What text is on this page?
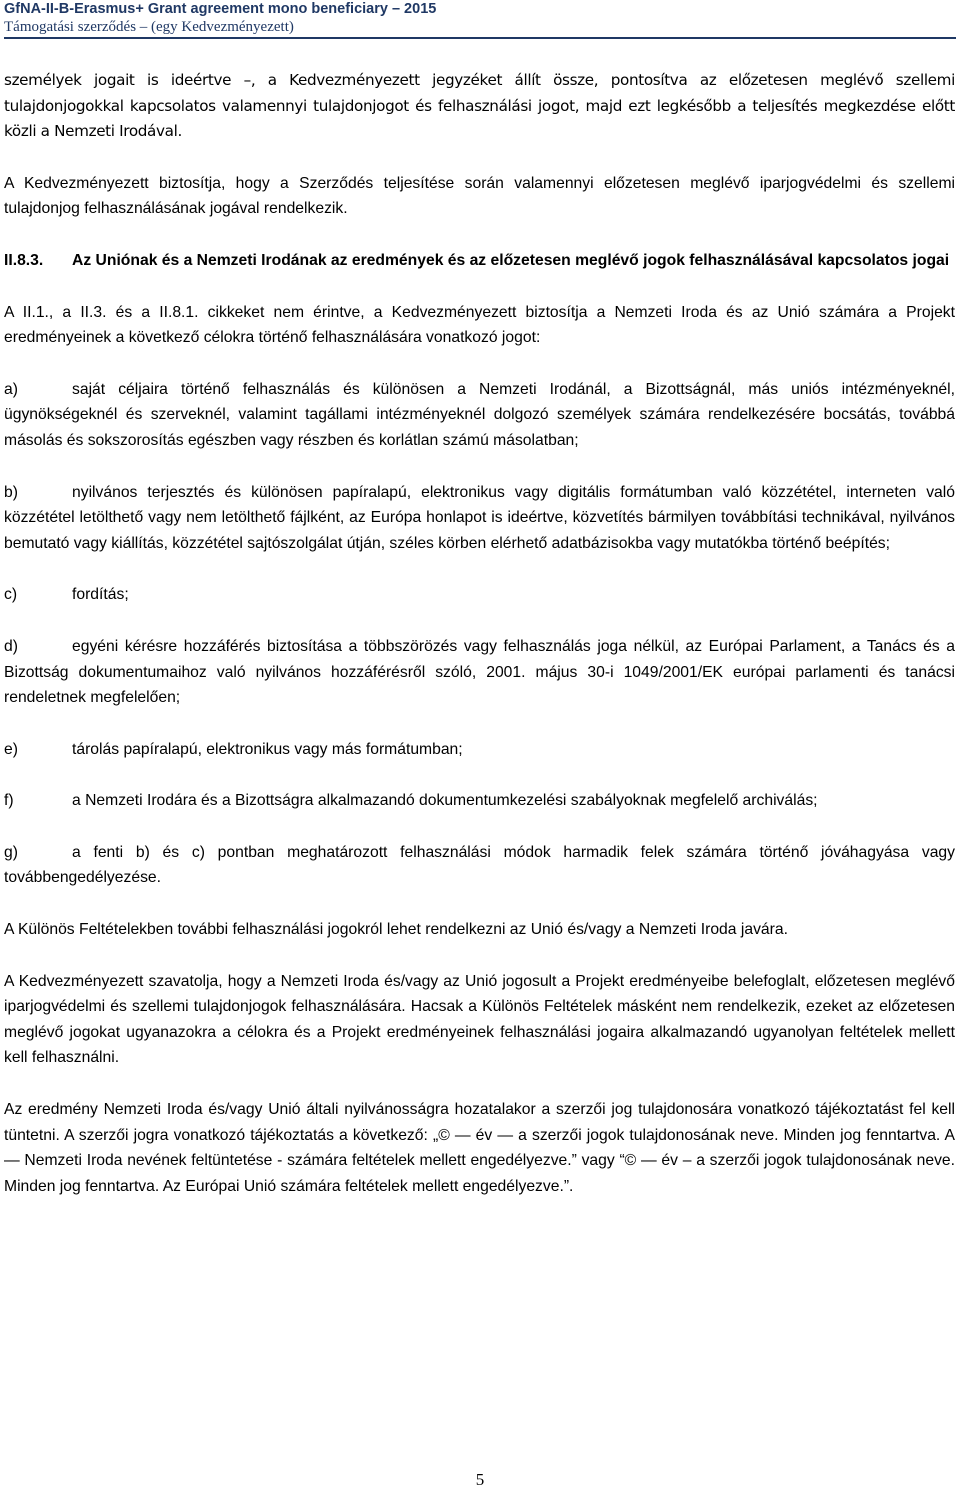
GfNA-II-B-Erasmus+ Grant agreement mono beneficiary – 2015
Támogatási szerződés – (egy Kedvezményezett)

személyek jogait is ideértve –, a Kedvezményezett jegyzéket állít össze, pontosítva az előzetesen meglévő szellemi tulajdonjogokkal kapcsolatos valamennyi tulajdonjogot és felhasználási jogot, majd ezt legkésőbb a teljesítés megkezdése előtt közli a Nemzeti Irodával.

A Kedvezményezett biztosítja, hogy a Szerződés teljesítése során valamennyi előzetesen meglévő iparjogvédelmi és szellemi tulajdonjog felhasználásának jogával rendelkezik.

II.8.3.	Az Uniónak és a Nemzeti Irodának az eredmények és az előzetesen meglévő jogok felhasználásával kapcsolatos jogai

A II.1., a II.3. és a II.8.1. cikkeket nem érintve, a Kedvezményezett biztosítja a Nemzeti Iroda és az Unió számára a Projekt eredményeinek a következő célokra történő felhasználására vonatkozó jogot:

a)	saját céljaira történő felhasználás és különösen a Nemzeti Irodánál, a Bizottságnál, más uniós intézményeknél, ügynökségeknél és szerveknél, valamint tagállami intézményeknél dolgozó személyek számára rendelkezésére bocsátás, továbbá másolás és sokszorosítás egészben vagy részben és korlátlan számú másolatban;

b)	nyilvános terjesztés és különösen papíralapú, elektronikus vagy digitális formátumban való közzététel, interneten való közzététel letölthető vagy nem letölthető fájlként, az Európa honlapot is ideértve, közvetítés bármilyen továbbítási technikával, nyilvános bemutató vagy kiállítás, közzététel sajtószolgálat útján, széles körben elérhető adatbázisokba vagy mutatókba történő beépítés;

c)	fordítás;

d)	egyéni kérésre hozzáférés biztosítása a többszörözés vagy felhasználás joga nélkül, az Európai Parlament, a Tanács és a Bizottság dokumentumaihoz való nyilvános hozzáférésről szóló, 2001. május 30-i 1049/2001/EK európai parlamenti és tanácsi rendeletnek megfelelően;

e)	tárolás papíralapú, elektronikus vagy más formátumban;

f)	a Nemzeti Irodára és a Bizottságra alkalmazandó dokumentumkezelési szabályoknak megfelelő archiválás;

g)	a fenti b) és c) pontban meghatározott felhasználási módok harmadik felek számára történő jóváhagyása vagy továbbengedélyezése.

A Különös Feltételekben további felhasználási jogokról lehet rendelkezni az Unió és/vagy a Nemzeti Iroda javára.

A Kedvezményezett szavatolja, hogy a Nemzeti Iroda és/vagy az Unió jogosult a Projekt eredményeibe belefoglalt, előzetesen meglévő iparjogvédelmi és szellemi tulajdonjogok felhasználására. Hacsak a Különös Feltételek másként nem rendelkezik, ezeket az előzetesen meglévő jogokat ugyanazokra a célokra és a Projekt eredményeinek felhasználási jogaira alkalmazandó ugyanolyan feltételek mellett kell felhasználni.

Az eredmény Nemzeti Iroda és/vagy Unió általi nyilvánosságra hozatalakor a szerzői jog tulajdonosára vonatkozó tájékoztatást fel kell tüntetni. A szerzői jogra vonatkozó tájékoztatás a következő: „© — év — a szerzői jogok tulajdonosának neve. Minden jog fenntartva. A — Nemzeti Iroda nevének feltüntetése - számára feltételek mellett engedélyezve.” vagy “© — év – a szerzői jogok tulajdonosának neve. Minden jog fenntartva. Az Európai Unió számára feltételek mellett engedélyezve.”.

5
